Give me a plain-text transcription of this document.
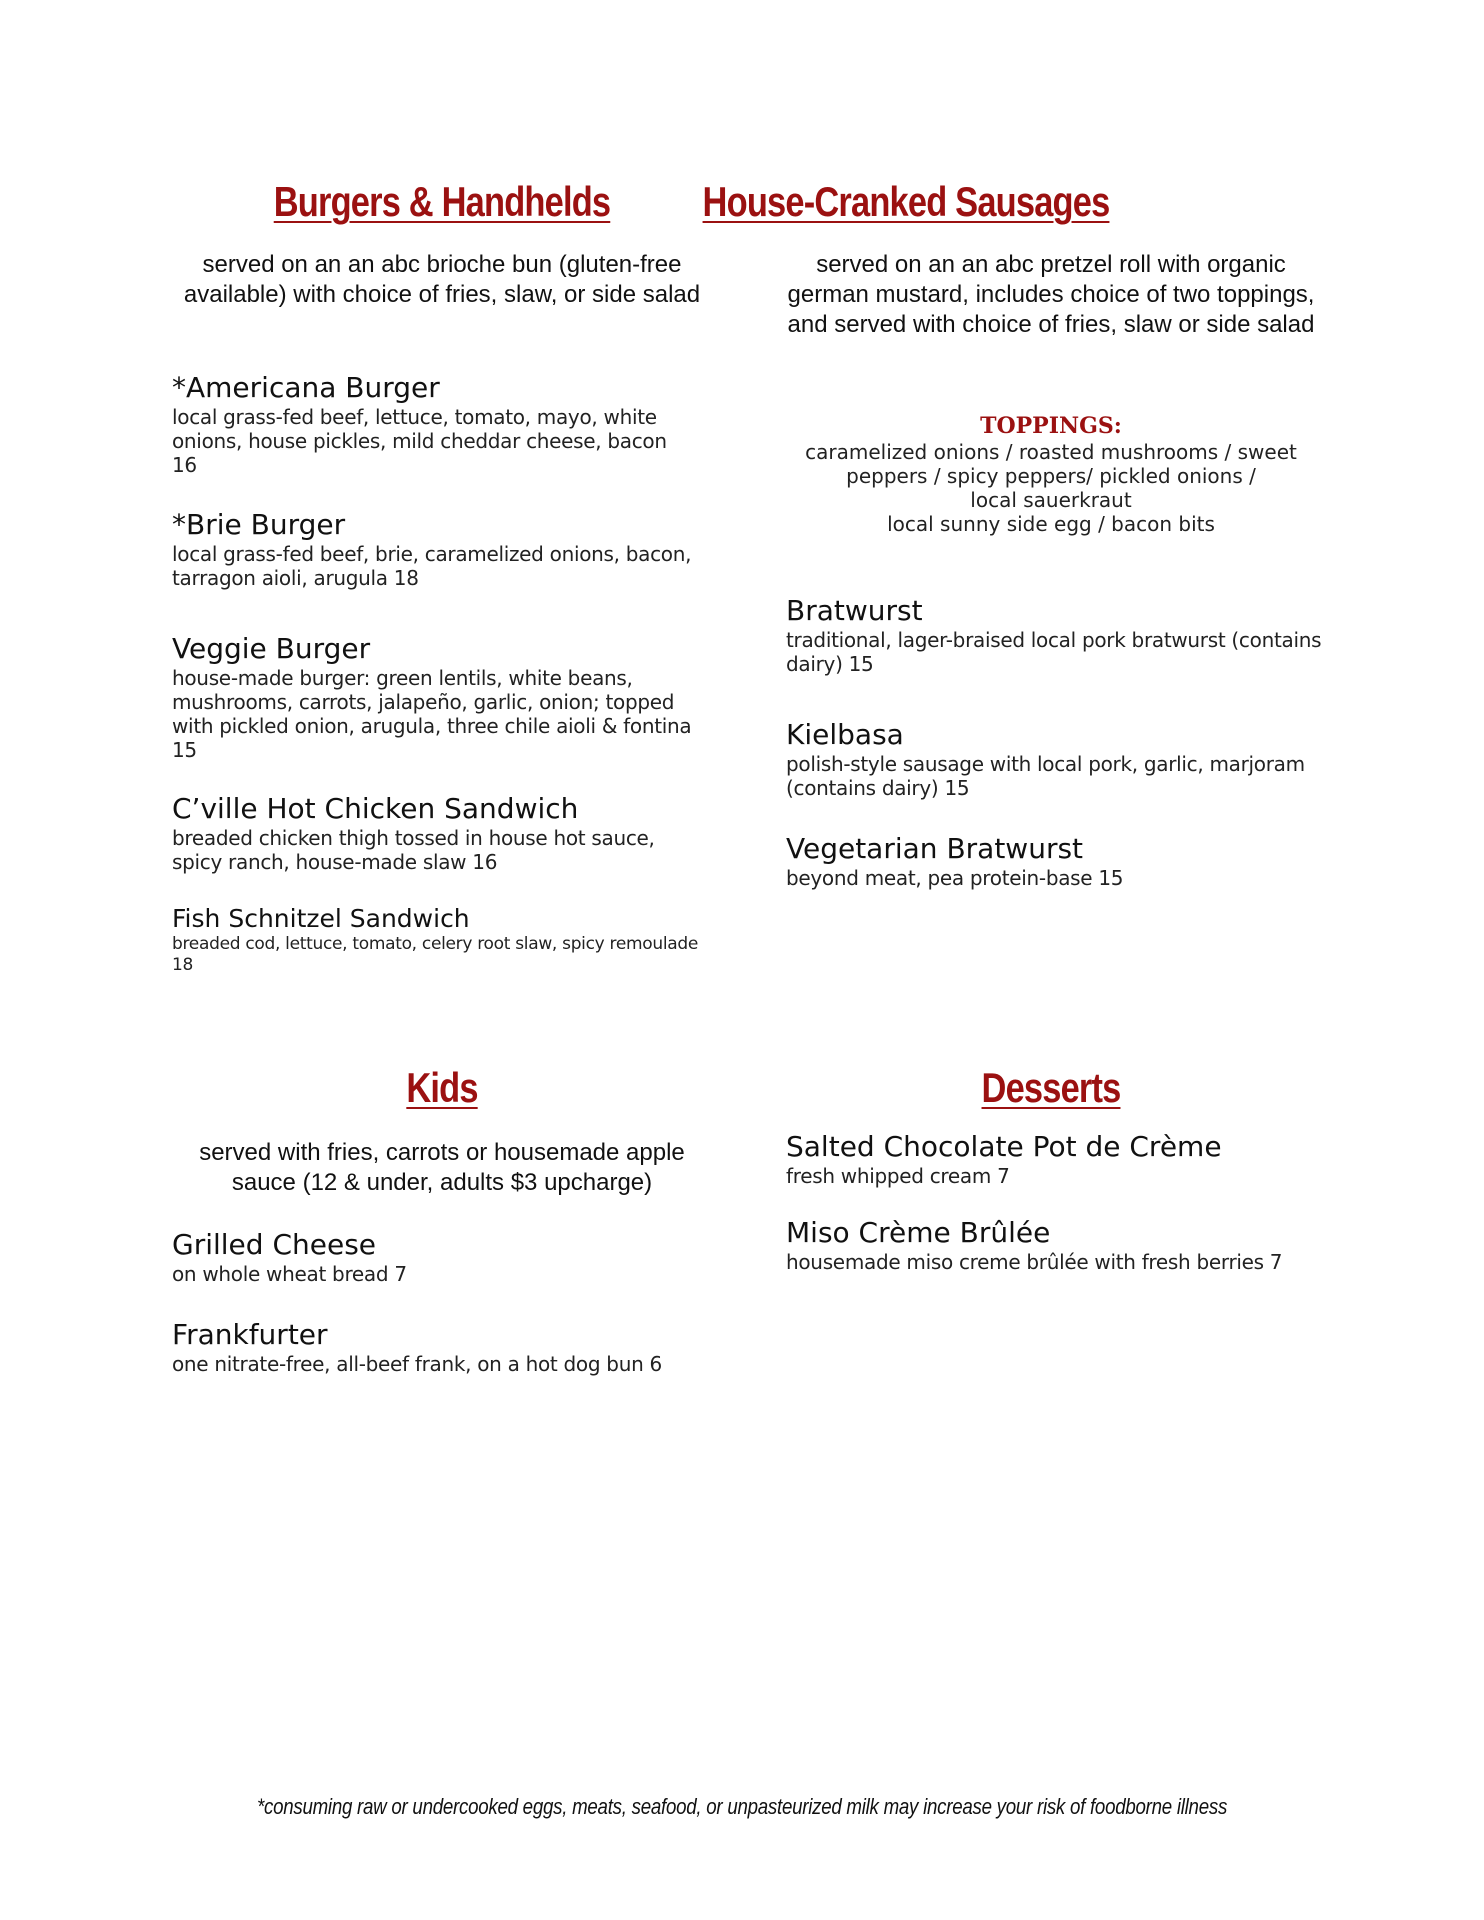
Burgers & Handhelds

served on an an abc brioche bun (gluten-free available) with choice of fries, slaw, or side salad

*Americana Burger
local grass-fed beef, lettuce, tomato, mayo, white onions, house pickles, mild cheddar cheese, bacon 16
*Brie Burger
local grass-fed beef, brie, caramelized onions, bacon, tarragon aioli, arugula 18
Veggie Burger
house-made burger: green lentils, white beans, mushrooms, carrots, jalapeño, garlic, onion; topped with pickled onion, arugula, three chile aioli & fontina 15
C’ville Hot Chicken Sandwich
breaded chicken thigh tossed in house hot sauce, spicy ranch, house-made slaw 16
Fish Schnitzel Sandwich
breaded cod, lettuce, tomato, celery root slaw, spicy remoulade 18
House-Cranked Sausages

served on an an abc pretzel roll with organic german mustard, includes choice of two toppings, and served with choice of fries, slaw or side salad

TOPPINGS:
caramelized onions / roasted mushrooms / sweet peppers / spicy peppers/ pickled onions /
local sauerkraut
local sunny side egg / bacon bits
Bratwurst
traditional, lager-braised local pork bratwurst (contains dairy) 15
Kielbasa
polish-style sausage with local pork, garlic, marjoram (contains dairy) 15
Vegetarian Bratwurst
beyond meat, pea protein-base 15
Kids

served with fries, carrots or housemade apple sauce (12 & under, adults $3 upcharge)

Grilled Cheese
on whole wheat bread 7
Frankfurter
one nitrate-free, all-beef frank, on a hot dog bun 6
Desserts
Salted Chocolate Pot de Crème
fresh whipped cream 7
Miso Crème Brûlée
housemade miso creme brûlée with fresh berries 7
*consuming raw or undercooked eggs, meats, seafood, or unpasteurized milk may increase your risk of foodborne illness
